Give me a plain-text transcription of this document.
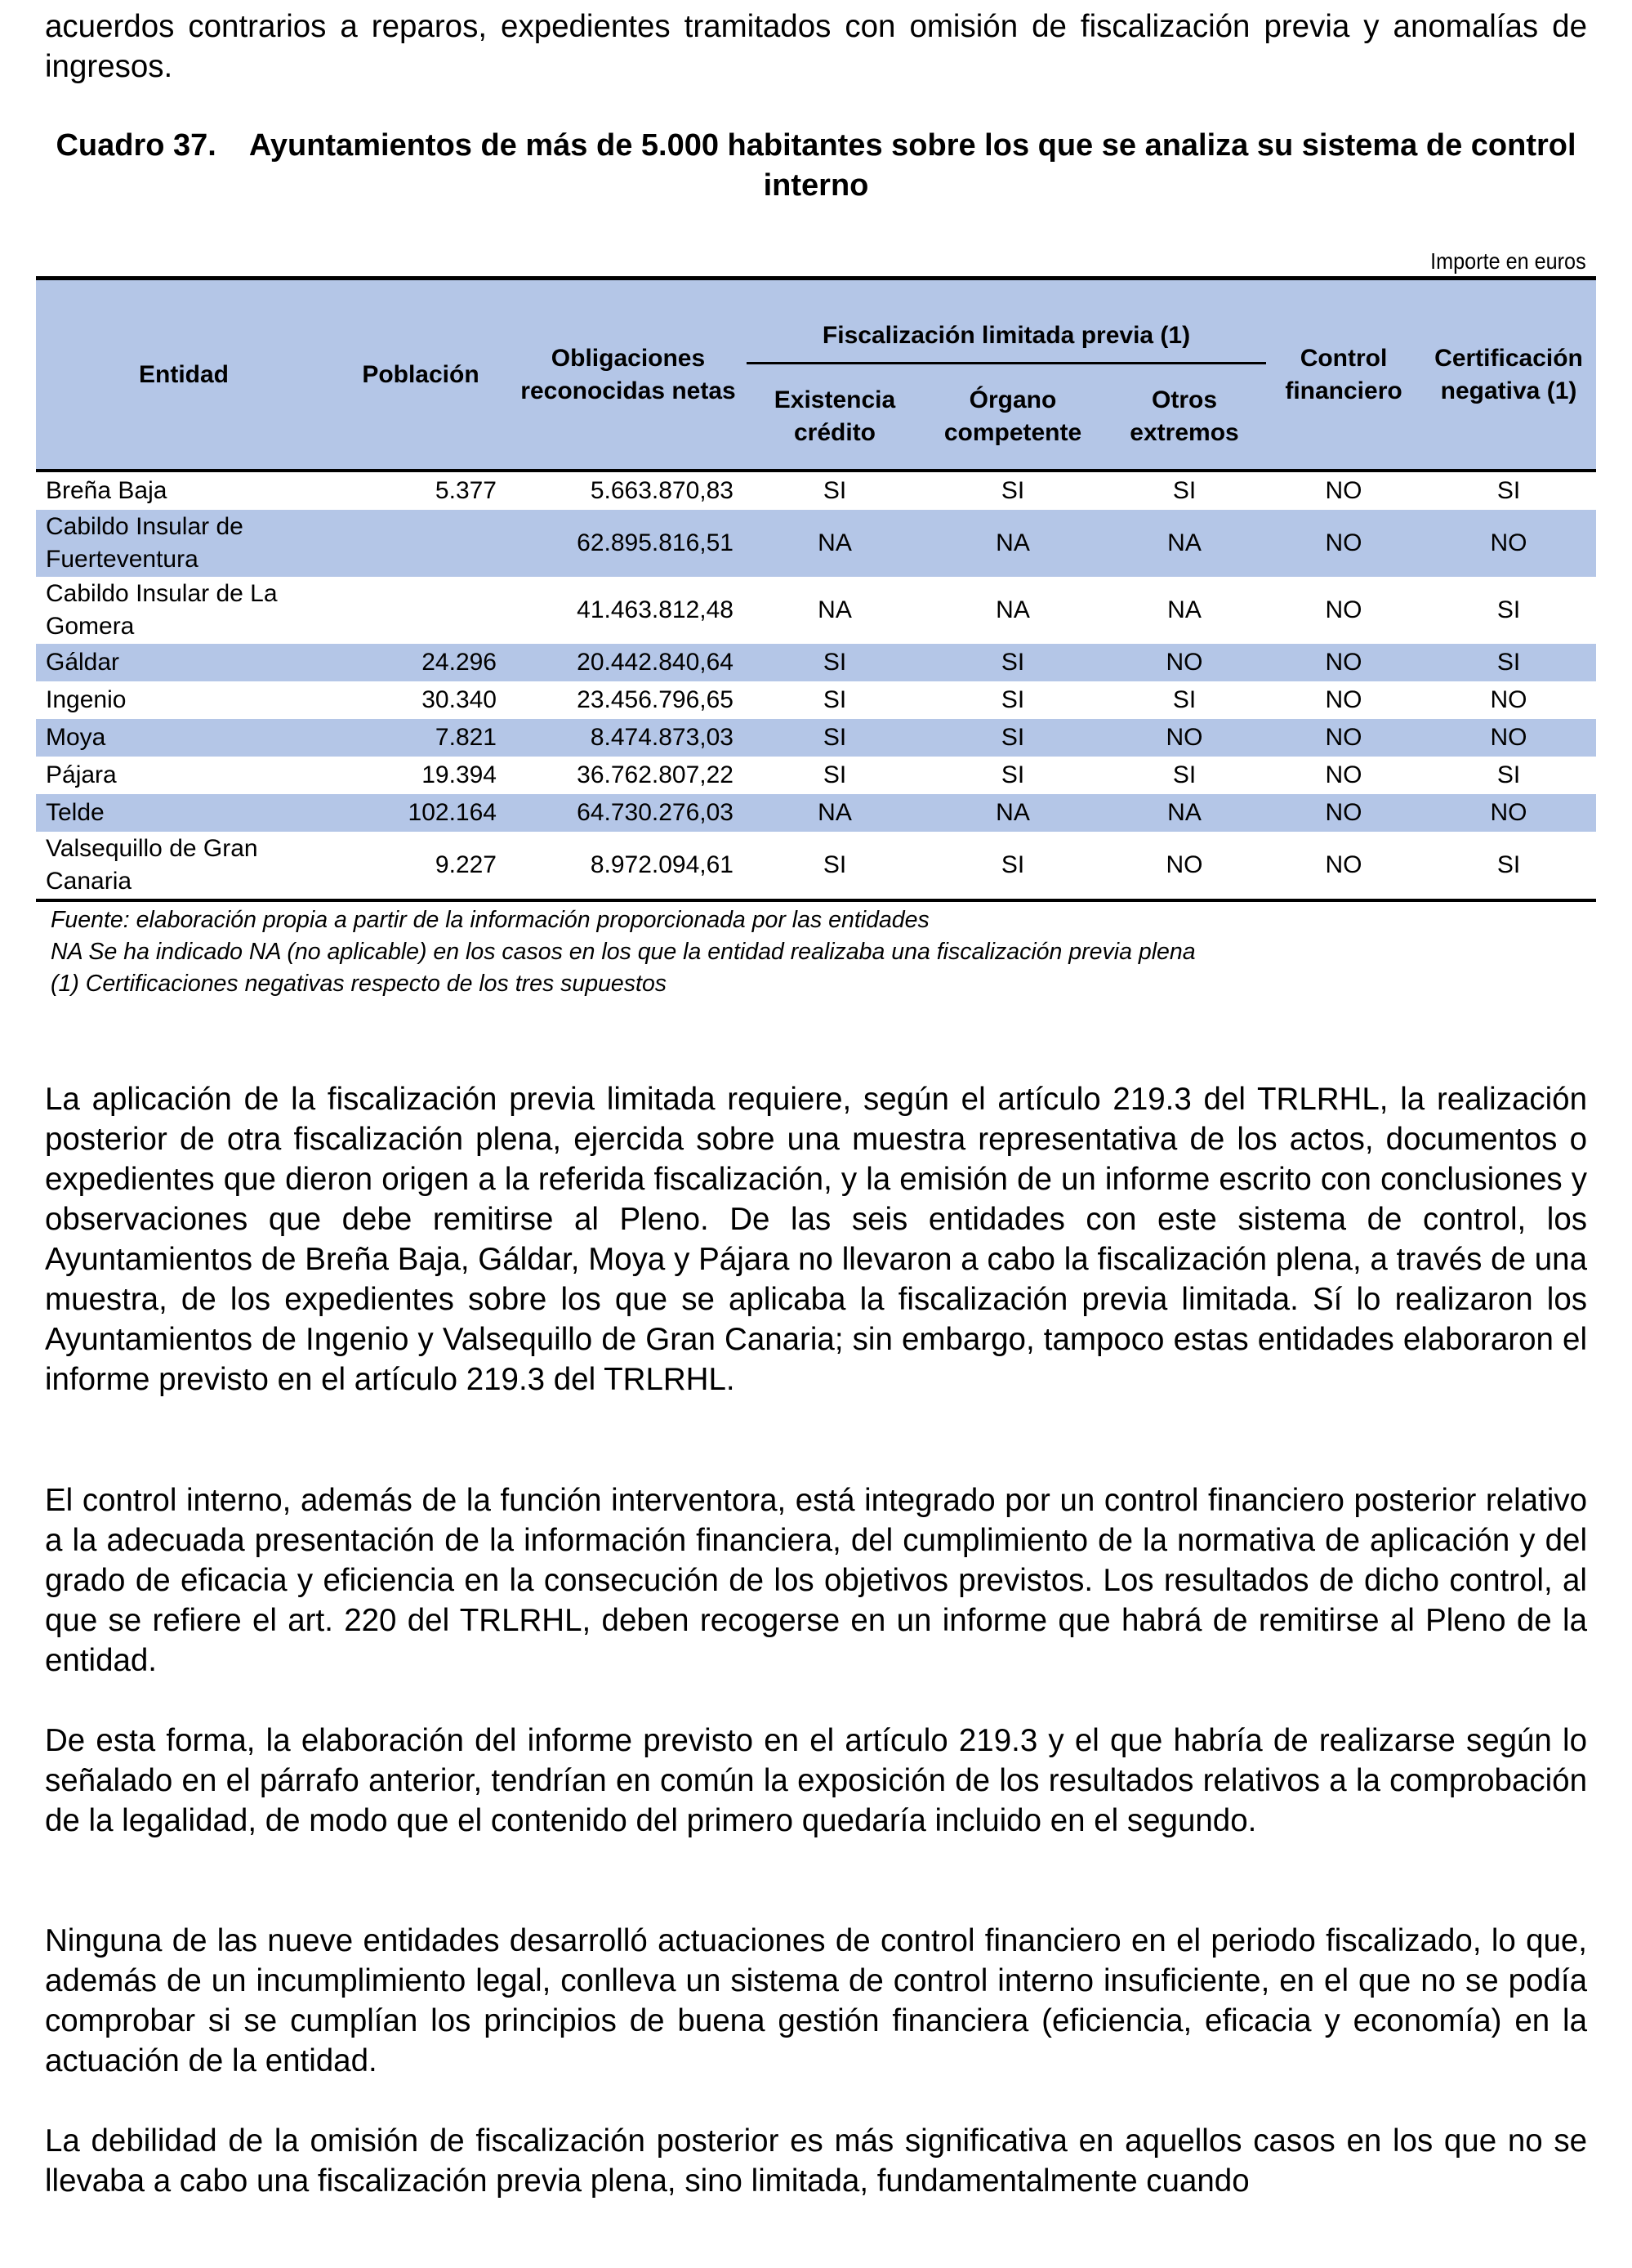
acuerdos contrarios a reparos, expedientes tramitados con omisión de fiscalización previa y anomalías de ingresos.

Cuadro 37. Ayuntamientos de más de 5.000 habitantes sobre los que se analiza su sistema de control interno
Importe en euros
Entidad	Población	Obligaciones reconocidas netas	Fiscalización limitada previa (1)			Control financiero	Certificación negativa (1)
			Existencia crédito	Órgano competente	Otros extremos		
Breña Baja	5.377	5.663.870,83	SI	SI	SI	NO	SI
Cabildo Insular de Fuerteventura		62.895.816,51	NA	NA	NA	NO	NO
Cabildo Insular de La Gomera		41.463.812,48	NA	NA	NA	NO	SI
Gáldar	24.296	20.442.840,64	SI	SI	NO	NO	SI
Ingenio	30.340	23.456.796,65	SI	SI	SI	NO	NO
Moya	7.821	8.474.873,03	SI	SI	NO	NO	NO
Pájara	19.394	36.762.807,22	SI	SI	SI	NO	SI
Telde	102.164	64.730.276,03	NA	NA	NA	NO	NO
Valsequillo de Gran Canaria	9.227	8.972.094,61	SI	SI	NO	NO	SI
Fuente: elaboración propia a partir de la información proporcionada por las entidades
NA Se ha indicado NA (no aplicable) en los casos en los que la entidad realizaba una fiscalización previa plena
(1) Certificaciones negativas respecto de los tres supuestos

La aplicación de la fiscalización previa limitada requiere, según el artículo 219.3 del TRLRHL, la realización posterior de otra fiscalización plena, ejercida sobre una muestra representativa de los actos, documentos o expedientes que dieron origen a la referida fiscalización, y la emisión de un informe escrito con conclusiones y observaciones que debe remitirse al Pleno. De las seis entidades con este sistema de control, los Ayuntamientos de Breña Baja, Gáldar, Moya y Pájara no llevaron a cabo la fiscalización plena, a través de una muestra, de los expedientes sobre los que se aplicaba la fiscalización previa limitada. Sí lo realizaron los Ayuntamientos de Ingenio y Valsequillo de Gran Canaria; sin embargo, tampoco estas entidades elaboraron el informe previsto en el artículo 219.3 del TRLRHL.

El control interno, además de la función interventora, está integrado por un control financiero posterior relativo a la adecuada presentación de la información financiera, del cumplimiento de la normativa de aplicación y del grado de eficacia y eficiencia en la consecución de los objetivos previstos. Los resultados de dicho control, al que se refiere el art. 220 del TRLRHL, deben recogerse en un informe que habrá de remitirse al Pleno de la entidad.

De esta forma, la elaboración del informe previsto en el artículo 219.3 y el que habría de realizarse según lo señalado en el párrafo anterior, tendrían en común la exposición de los resultados relativos a la comprobación de la legalidad, de modo que el contenido del primero quedaría incluido en el segundo.

Ninguna de las nueve entidades desarrolló actuaciones de control financiero en el periodo fiscalizado, lo que, además de un incumplimiento legal, conlleva un sistema de control interno insuficiente, en el que no se podía comprobar si se cumplían los principios de buena gestión financiera (eficiencia, eficacia y economía) en la actuación de la entidad.

La debilidad de la omisión de fiscalización posterior es más significativa en aquellos casos en los que no se llevaba a cabo una fiscalización previa plena, sino limitada, fundamentalmente cuando
